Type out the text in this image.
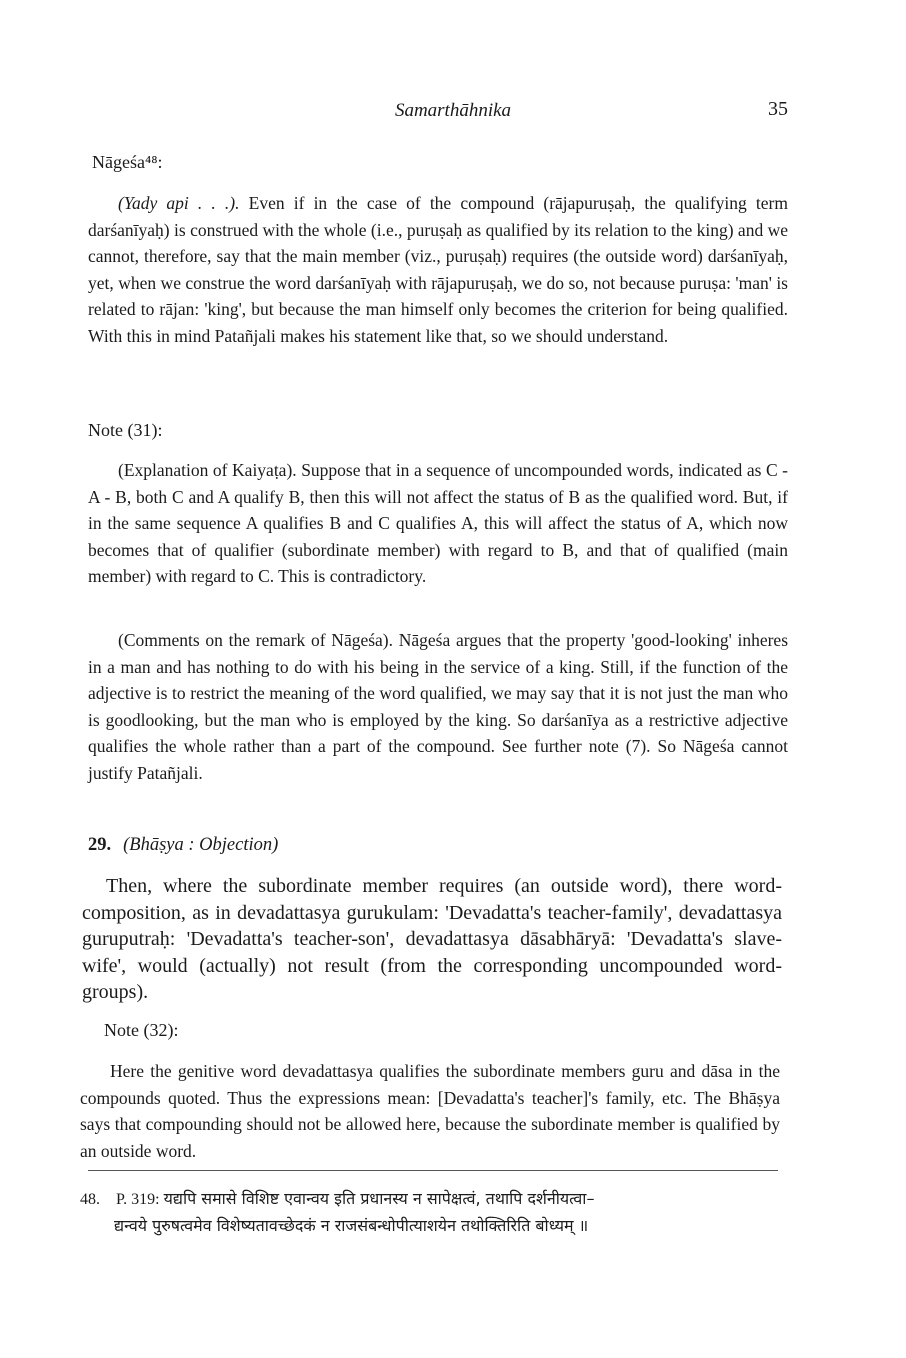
Samarthāhnika	35
Nāgeśa⁴⁸:

(Yady api . . .). Even if in the case of the compound (rājapuruṣaḥ, the qualifying term darśanīyaḥ) is construed with the whole (i.e., puruṣaḥ as qualified by its relation to the king) and we cannot, therefore, say that the main member (viz., puruṣaḥ) requires (the outside word) darśanīyaḥ, yet, when we construe the word darśanīyaḥ with rājapuruṣaḥ, we do so, not because puruṣa: 'man' is related to rājan: 'king', but because the man himself only becomes the criterion for being qualified. With this in mind Patañjali makes his statement like that, so we should understand.

Note (31):

(Explanation of Kaiyaṭa). Suppose that in a sequence of uncompounded words, indicated as C - A - B, both C and A qualify B, then this will not affect the status of B as the qualified word. But, if in the same sequence A qualifies B and C qualifies A, this will affect the status of A, which now becomes that of qualifier (subordinate member) with regard to B, and that of qualified (main member) with regard to C. This is contradictory.

(Comments on the remark of Nāgeśa). Nāgeśa argues that the property 'good-looking' inheres in a man and has nothing to do with his being in the service of a king. Still, if the function of the adjective is to restrict the meaning of the word qualified, we may say that it is not just the man who is goodlooking, but the man who is employed by the king. So darśanīya as a restrictive adjective qualifies the whole rather than a part of the compound. See further note (7). So Nāgeśa cannot justify Patañjali.

29. (Bhāṣya : Objection)

Then, where the subordinate member requires (an outside word), there word-composition, as in devadattasya gurukulam: 'Devadatta's teacher-family', devadattasya guruputraḥ: 'Devadatta's teacher-son', devadattasya dāsabhāryā: 'Devadatta's slave-wife', would (actually) not result (from the corresponding uncompounded word-groups).

Note (32):

Here the genitive word devadattasya qualifies the subordinate members guru and dāsa in the compounds quoted. Thus the expressions mean: [Devadatta's teacher]'s family, etc. The Bhāṣya says that compounding should not be allowed here, because the subordinate member is qualified by an outside word.

48. P. 319: यद्यपि समासे विशिष्ट एवान्वय इति प्रधानस्य न सापेक्षत्वं, तथापि दर्शनीयत्वा–
द्यन्वये पुरुषत्वमेव विशेष्यतावच्छेदकं न राजसंबन्धोपीत्याशयेन तथोक्तिरिति बोध्यम् ॥
